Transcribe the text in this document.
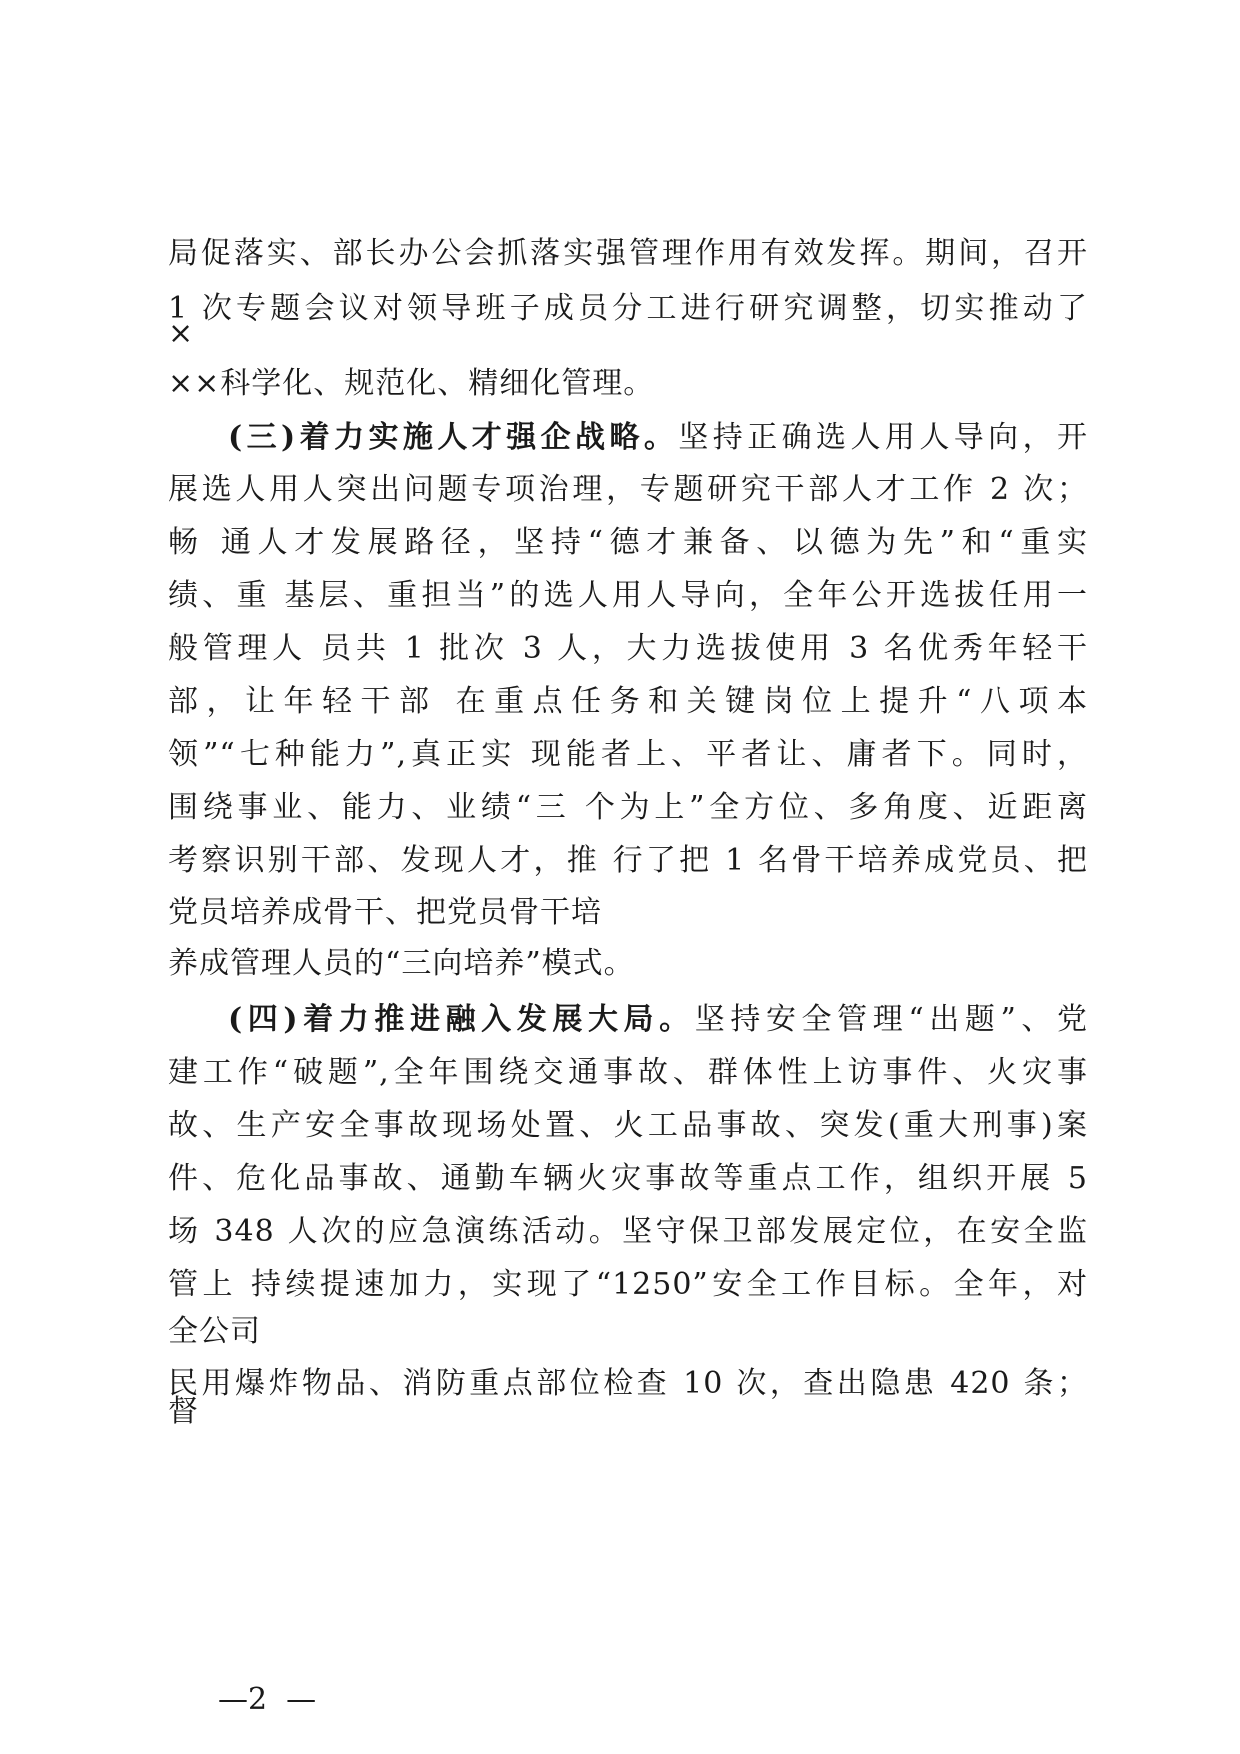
局促落实、部长办公会抓落实强管理作用有效发挥。期间，召开
1 次专题会议对领导班子成员分工进行研究调整，切实推动了
×
××科学化、规范化、精细化管理。
(三)着力实施人才强企战略。坚持正确选人用人导向，开
展选人用人突出问题专项治理，专题研究干部人才工作 2 次；
畅 通人才发展路径，坚持“德才兼备、以德为先”和“重实
绩、重 基层、重担当”的选人用人导向，全年公开选拔任用一
般管理人 员共 1 批次 3 人，大力选拔使用 3 名优秀年轻干
部，让年轻干部 在重点任务和关键岗位上提升“八项本
领”“七种能力”,真正实 现能者上、平者让、庸者下。同时，
围绕事业、能力、业绩“三 个为上”全方位、多角度、近距离
考察识别干部、发现人才，推 行了把 1 名骨干培养成党员、把
党员培养成骨干、把党员骨干培
养成管理人员的“三向培养”模式。
(四)着力推进融入发展大局。坚持安全管理“出题”、党
建工作“破题”,全年围绕交通事故、群体性上访事件、火灾事
故、生产安全事故现场处置、火工品事故、突发(重大刑事)案
件、危化品事故、通勤车辆火灾事故等重点工作，组织开展 5
场 348 人次的应急演练活动。坚守保卫部发展定位，在安全监
管上 持续提速加力，实现了“1250”安全工作目标。全年，对
全公司
民用爆炸物品、消防重点部位检查 10 次，查出隐患 420 条；
督
—2  —
